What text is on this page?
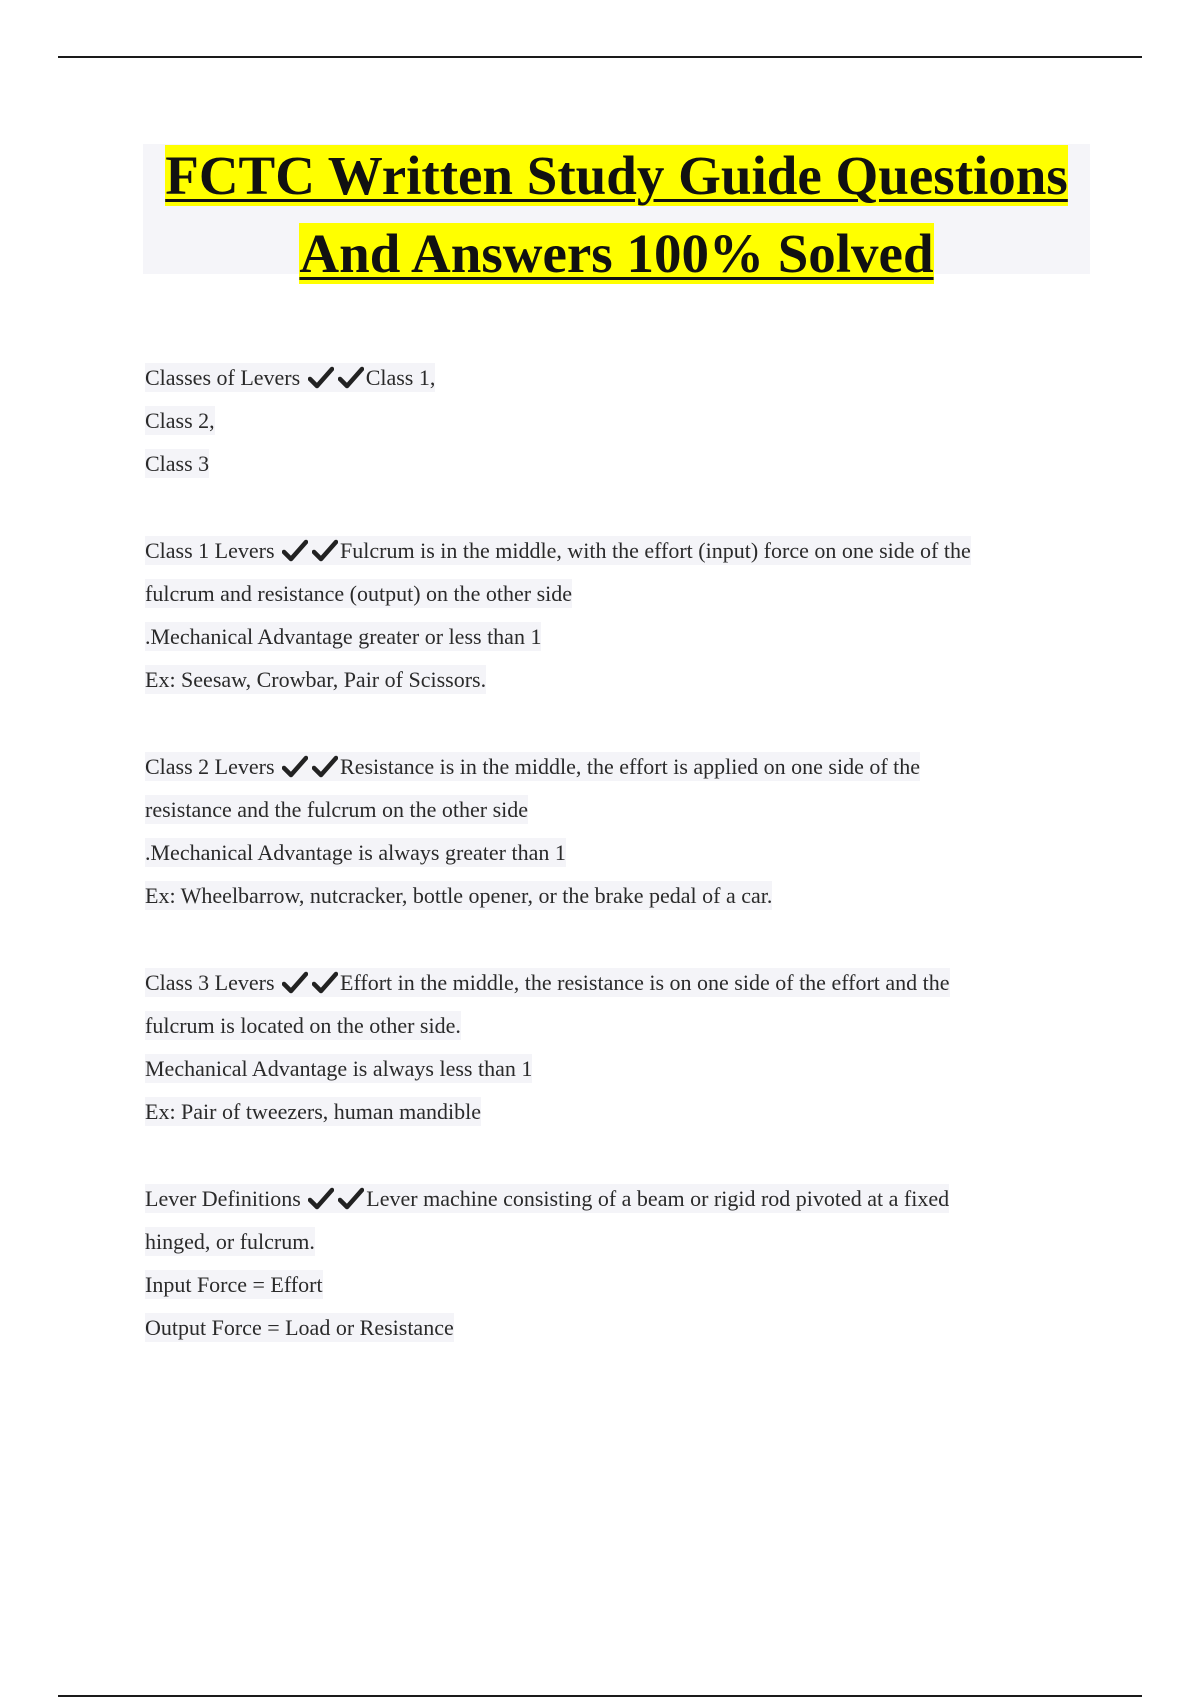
FCTC Written Study Guide Questions
And Answers 100% Solved
Classes of Levers	Class 1,
Class 2,
Class 3
Class 1 Levers	Fulcrum is in the middle, with the effort (input) force on one side of the
fulcrum and resistance (output) on the other side
.Mechanical Advantage greater or less than 1
Ex: Seesaw, Crowbar, Pair of Scissors.
Class 2 Levers	Resistance is in the middle, the effort is applied on one side of the
resistance and the fulcrum on the other side
.Mechanical Advantage is always greater than 1
Ex: Wheelbarrow, nutcracker, bottle opener, or the brake pedal of a car.
Class 3 Levers	Effort in the middle, the resistance is on one side of the effort and the
fulcrum is located on the other side.
Mechanical Advantage is always less than 1
Ex: Pair of tweezers, human mandible
Lever Definitions	Lever machine consisting of a beam or rigid rod pivoted at a fixed
hinged, or fulcrum.
Input Force = Effort
Output Force = Load or Resistance
